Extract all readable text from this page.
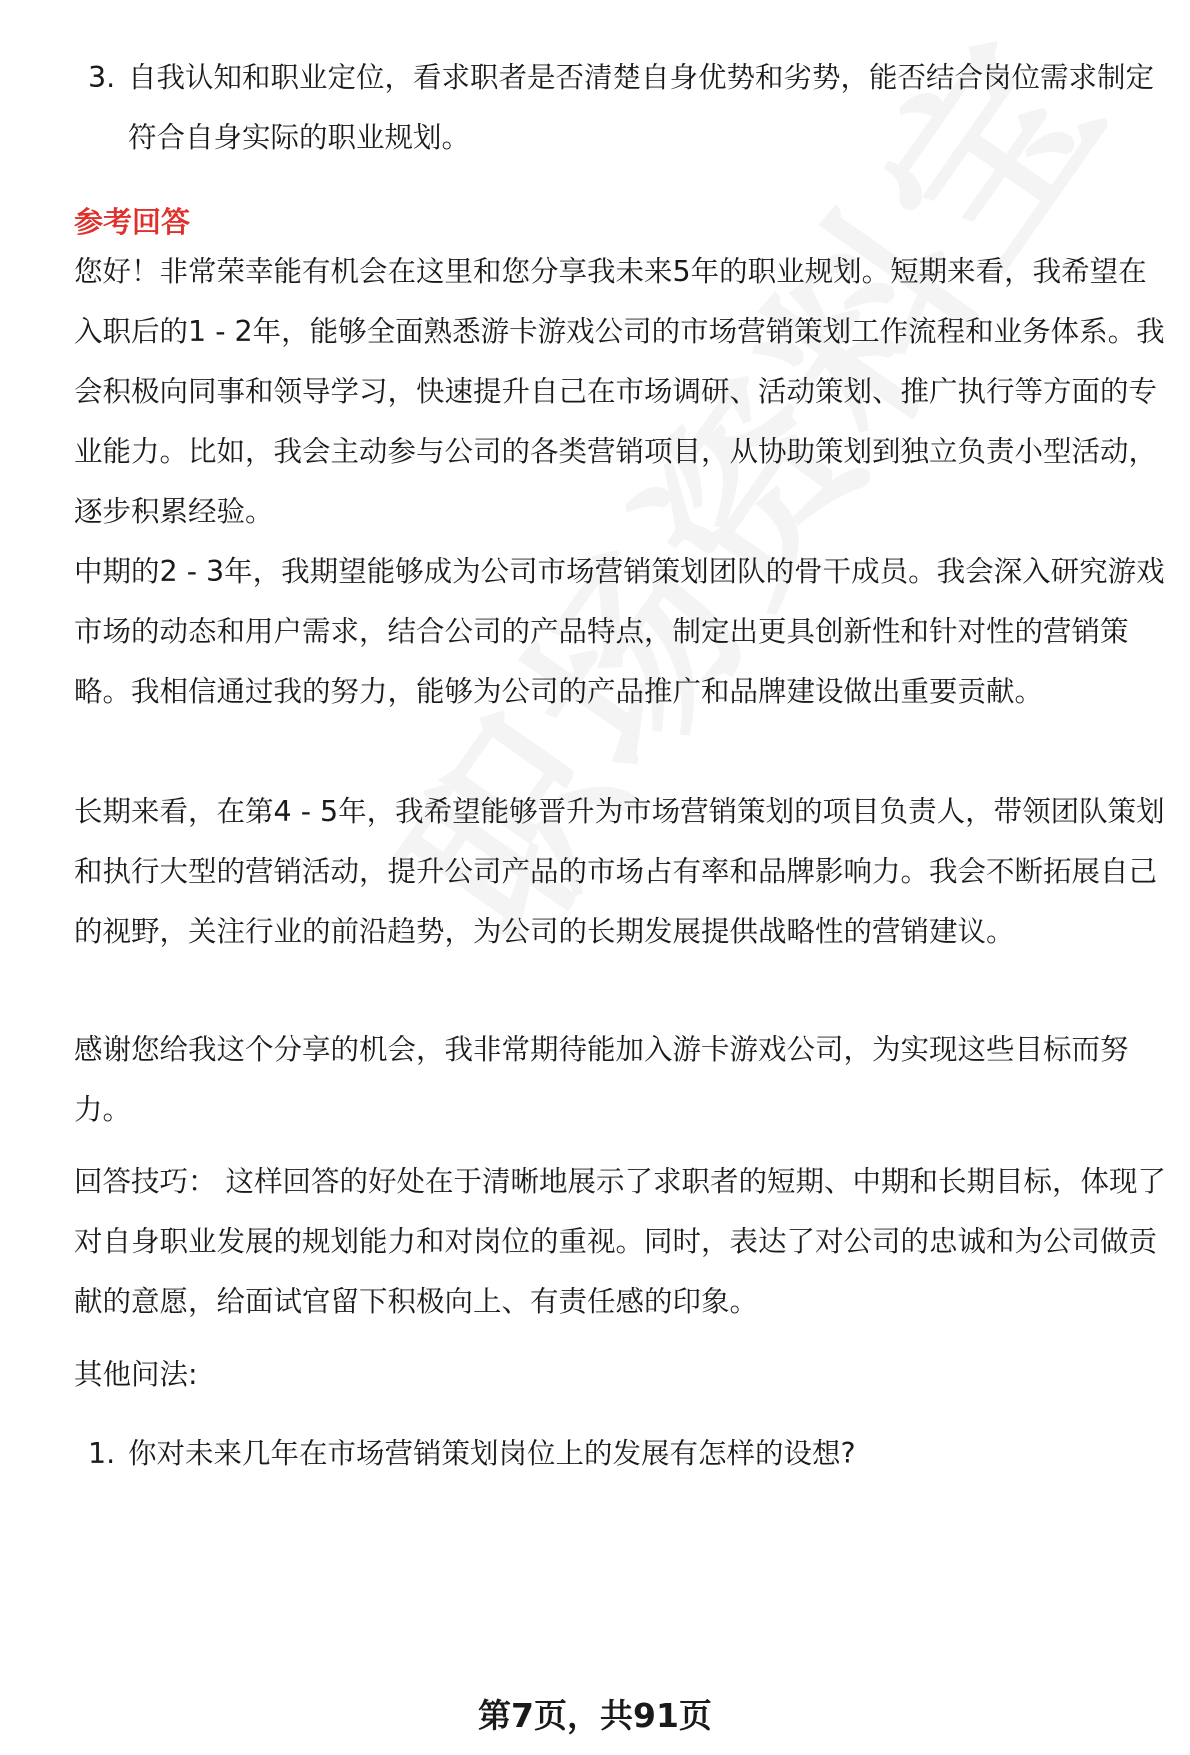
3. 自我认知和职业定位，看求职者是否清楚自身优势和劣势，能否结合岗位需求制定符合自身实际的职业规划。
参考回答
您好！非常荣幸能有机会在这里和您分享我未来5年的职业规划。短期来看，我希望在入职后的1 - 2年，能够全面熟悉游卡游戏公司的市场营销策划工作流程和业务体系。我会积极向同事和领导学习，快速提升自己在市场调研、活动策划、推广执行等方面的专业能力。比如，我会主动参与公司的各类营销项目，从协助策划到独立负责小型活动，逐步积累经验。
中期的2 - 3年，我期望能够成为公司市场营销策划团队的骨干成员。我会深入研究游戏市场的动态和用户需求，结合公司的产品特点，制定出更具创新性和针对性的营销策略。我相信通过我的努力，能够为公司的产品推广和品牌建设做出重要贡献。
长期来看，在第4 - 5年，我希望能够晋升为市场营销策划的项目负责人，带领团队策划和执行大型的营销活动，提升公司产品的市场占有率和品牌影响力。我会不断拓展自己的视野，关注行业的前沿趋势，为公司的长期发展提供战略性的营销建议。
感谢您给我这个分享的机会，我非常期待能加入游卡游戏公司，为实现这些目标而努力。
回答技巧： 这样回答的好处在于清晰地展示了求职者的短期、中期和长期目标，体现了对自身职业发展的规划能力和对岗位的重视。同时，表达了对公司的忠诚和为公司做贡献的意愿，给面试官留下积极向上、有责任感的印象。
其他问法:
1. 你对未来几年在市场营销策划岗位上的发展有怎样的设想?
第7页，共91页
